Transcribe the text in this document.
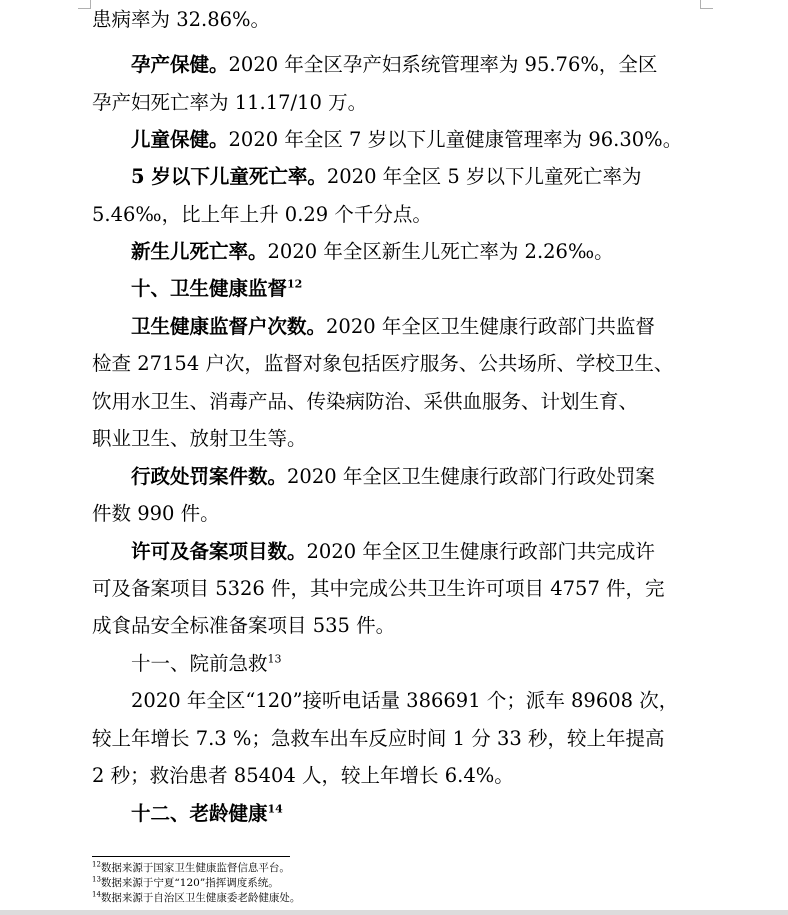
患病率为 32.86%。
孕产保健。2020 年全区孕产妇系统管理率为 95.76%，全区
孕产妇死亡率为 11.17/10 万。
儿童保健。2020 年全区 7 岁以下儿童健康管理率为 96.30%。
5 岁以下儿童死亡率。2020 年全区 5 岁以下儿童死亡率为
5.46‰，比上年上升 0.29 个千分点。
新生儿死亡率。2020 年全区新生儿死亡率为 2.26‰。
十、卫生健康监督$^{12}$
卫生健康监督户次数。2020 年全区卫生健康行政部门共监督
检查 27154 户次，监督对象包括医疗服务、公共场所、学校卫生、
饮用水卫生、消毒产品、传染病防治、采供血服务、计划生育、
职业卫生、放射卫生等。
行政处罚案件数。2020 年全区卫生健康行政部门行政处罚案
件数 990 件。
许可及备案项目数。2020 年全区卫生健康行政部门共完成许
可及备案项目 5326 件，其中完成公共卫生许可项目 4757 件，完
成食品安全标准备案项目 535 件。
十一、院前急救$^{13}$
2020 年全区“120”接听电话量 386691 个；派车 89608 次，
较上年增长 7.3 %；急救车出车反应时间 1 分 33 秒，较上年提高
2 秒；救治患者 85404 人，较上年增长 6.4%。
十二、老龄健康$^{14}$
$^{12}$数据来源于国家卫生健康监督信息平台。
$^{13}$数据来源于宁夏“120”指挥调度系统。
$^{14}$数据来源于自治区卫生健康委老龄健康处。
